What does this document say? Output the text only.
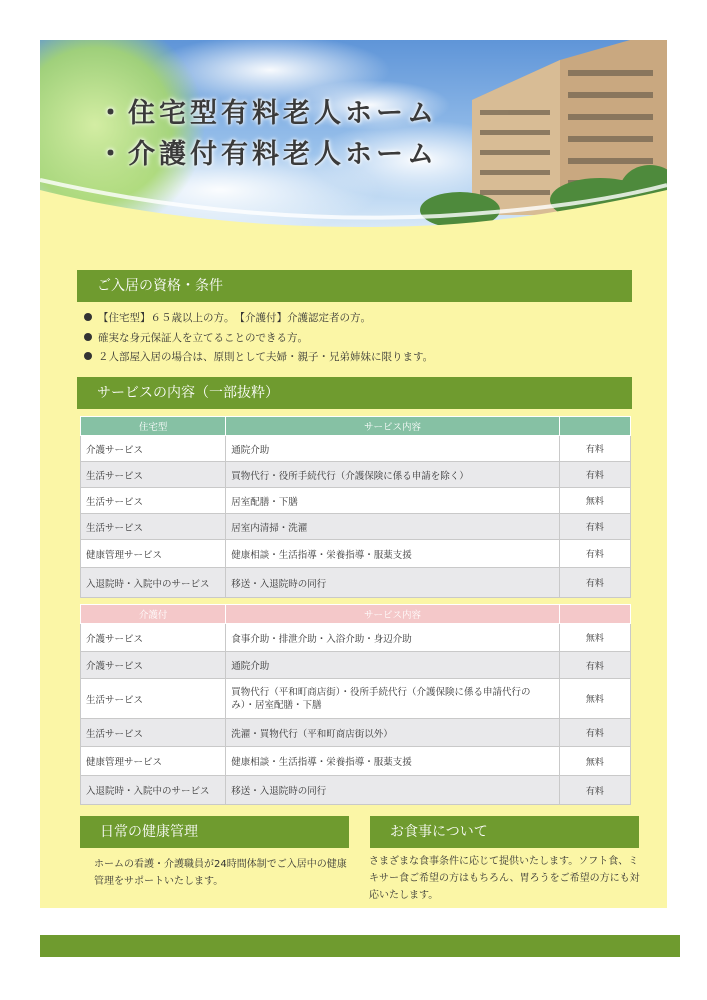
・住宅型有料老人ホーム
・介護付有料老人ホーム
ご入居の資格・条件
【住宅型】６５歳以上の方。　【介護付】介護認定者の方。
確実な身元保証人を立てることのできる方。
２人部屋入居の場合は、原則として夫婦・親子・兄弟姉妹に限ります。
サービスの内容（一部抜粋）
住宅型	サービス内容	
介護サービス	通院介助	有料
生活サービス	買物代行・役所手続代行（介護保険に係る申請を除く）	有料
生活サービス	居室配膳・下膳	無料
生活サービス	居室内清掃・洗濯	有料
健康管理サービス	健康相談・生活指導・栄養指導・服薬支援	有料
入退院時・入院中のサービス	移送・入退院時の同行	有料
介護付	サービス内容	
介護サービス	食事介助・排泄介助・入浴介助・身辺介助	無料
介護サービス	通院介助	有料
生活サービス	買物代行（平和町商店街）・役所手続代行（介護保険に係る申請代行のみ）・居室配膳・下膳	無料
生活サービス	洗濯・買物代行（平和町商店街以外）	有料
健康管理サービス	健康相談・生活指導・栄養指導・服薬支援	無料
入退院時・入院中のサービス	移送・入退院時の同行	有料
日常の健康管理
ホームの看護・介護職員が24時間体制でご入居中の健康管理をサポートいたします。
お食事について
さまざまな食事条件に応じて提供いたします。ソフト食、ミキサー食ご希望の方はもちろん、胃ろうをご希望の方にも対応いたします。
